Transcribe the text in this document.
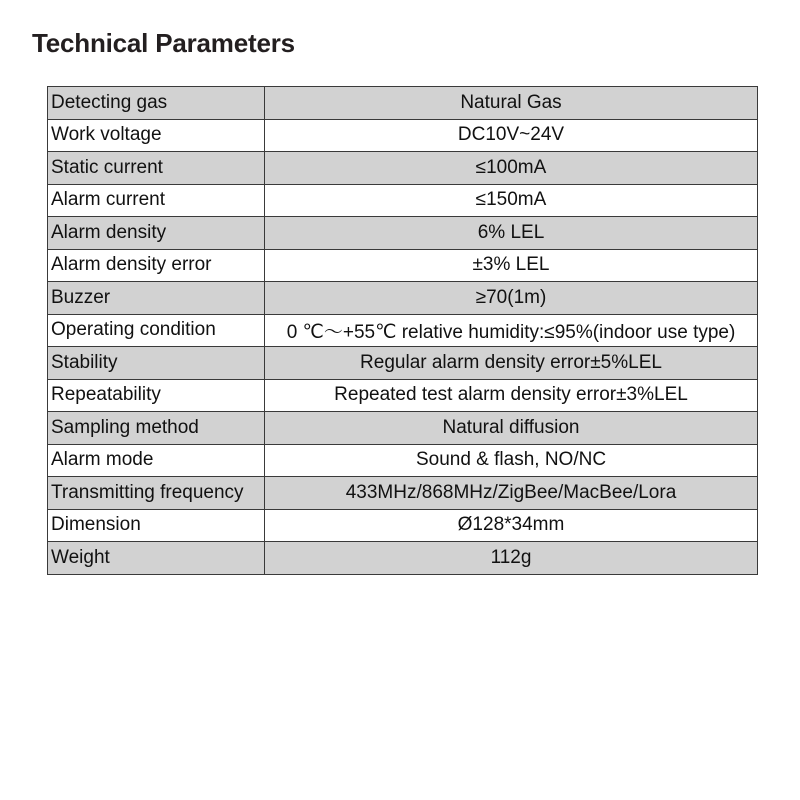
Technical Parameters
Detecting gas	Natural Gas
Work voltage	DC10V~24V
Static current	≤100mA
Alarm current	≤150mA
Alarm density	6% LEL
Alarm density error	±3% LEL
Buzzer	≥70(1m)
Operating condition	0 ℃～+55℃ relative humidity:≤95%(indoor use type)
Stability	Regular alarm density error±5%LEL
Repeatability	Repeated test alarm density error±3%LEL
Sampling method	Natural diffusion
Alarm mode	Sound & flash, NO/NC
Transmitting frequency	433MHz/868MHz/ZigBee/MacBee/Lora
Dimension	Ø128*34mm
Weight	112g
